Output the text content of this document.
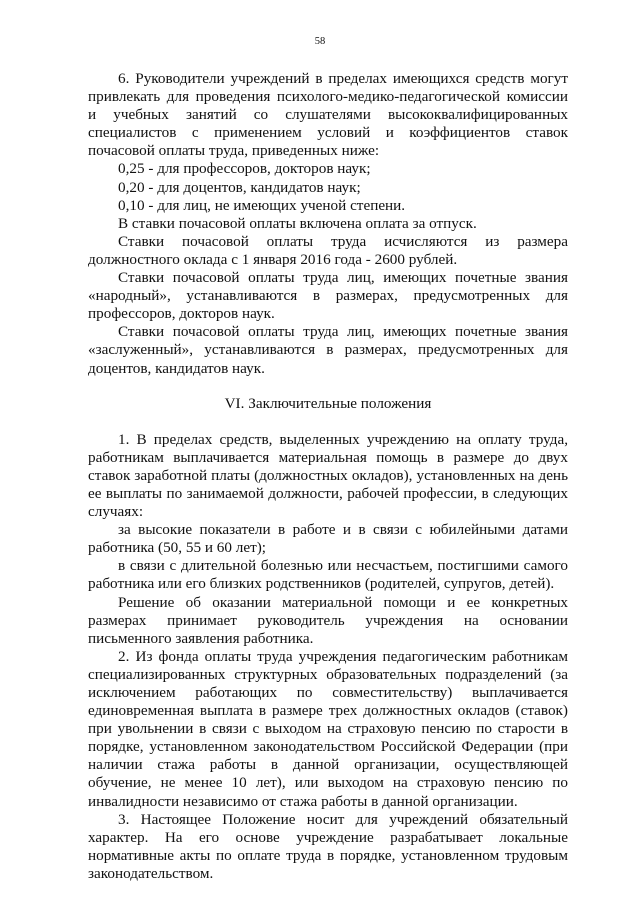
58

6. Руководители учреждений в пределах имеющихся средств могут привлекать для проведения психолого-медико-педагогической комиссии и учебных занятий со слушателями высококвалифицированных специалистов с применением условий и коэффициентов ставок почасовой оплаты труда, приведенных ниже:

0,25 - для профессоров, докторов наук;

0,20 - для доцентов, кандидатов наук;

0,10 - для лиц, не имеющих ученой степени.

В ставки почасовой оплаты включена оплата за отпуск.

Ставки почасовой оплаты труда исчисляются из размера должностного оклада с 1 января 2016 года - 2600 рублей.

Ставки почасовой оплаты труда лиц, имеющих почетные звания «народный», устанавливаются в размерах, предусмотренных для профессоров, докторов наук.

Ставки почасовой оплаты труда лиц, имеющих почетные звания «заслуженный», устанавливаются в размерах, предусмотренных для доцентов, кандидатов наук.

VI. Заключительные положения

1. В пределах средств, выделенных учреждению на оплату труда, работникам выплачивается материальная помощь в размере до двух ставок заработной платы (должностных окладов), установленных на день ее выплаты по занимаемой должности, рабочей профессии, в следующих случаях:

за высокие показатели в работе и в связи с юбилейными датами работника (50, 55 и 60 лет);

в связи с длительной болезнью или несчастьем, постигшими самого работника или его близких родственников (родителей, супругов, детей).

Решение об оказании материальной помощи и ее конкретных размерах принимает руководитель учреждения на основании письменного заявления работника.

2. Из фонда оплаты труда учреждения педагогическим работникам специализированных структурных образовательных подразделений (за исключением работающих по совместительству) выплачивается единовременная выплата в размере трех должностных окладов (ставок) при увольнении в связи с выходом на страховую пенсию по старости в порядке, установленном законодательством Российской Федерации (при наличии стажа работы в данной организации, осуществляющей обучение, не менее 10 лет), или выходом на страховую пенсию по инвалидности независимо от стажа работы в данной организации.

3. Настоящее Положение носит для учреждений обязательный характер. На его основе учреждение разрабатывает локальные нормативные акты по оплате труда в порядке, установленном трудовым законодательством.
